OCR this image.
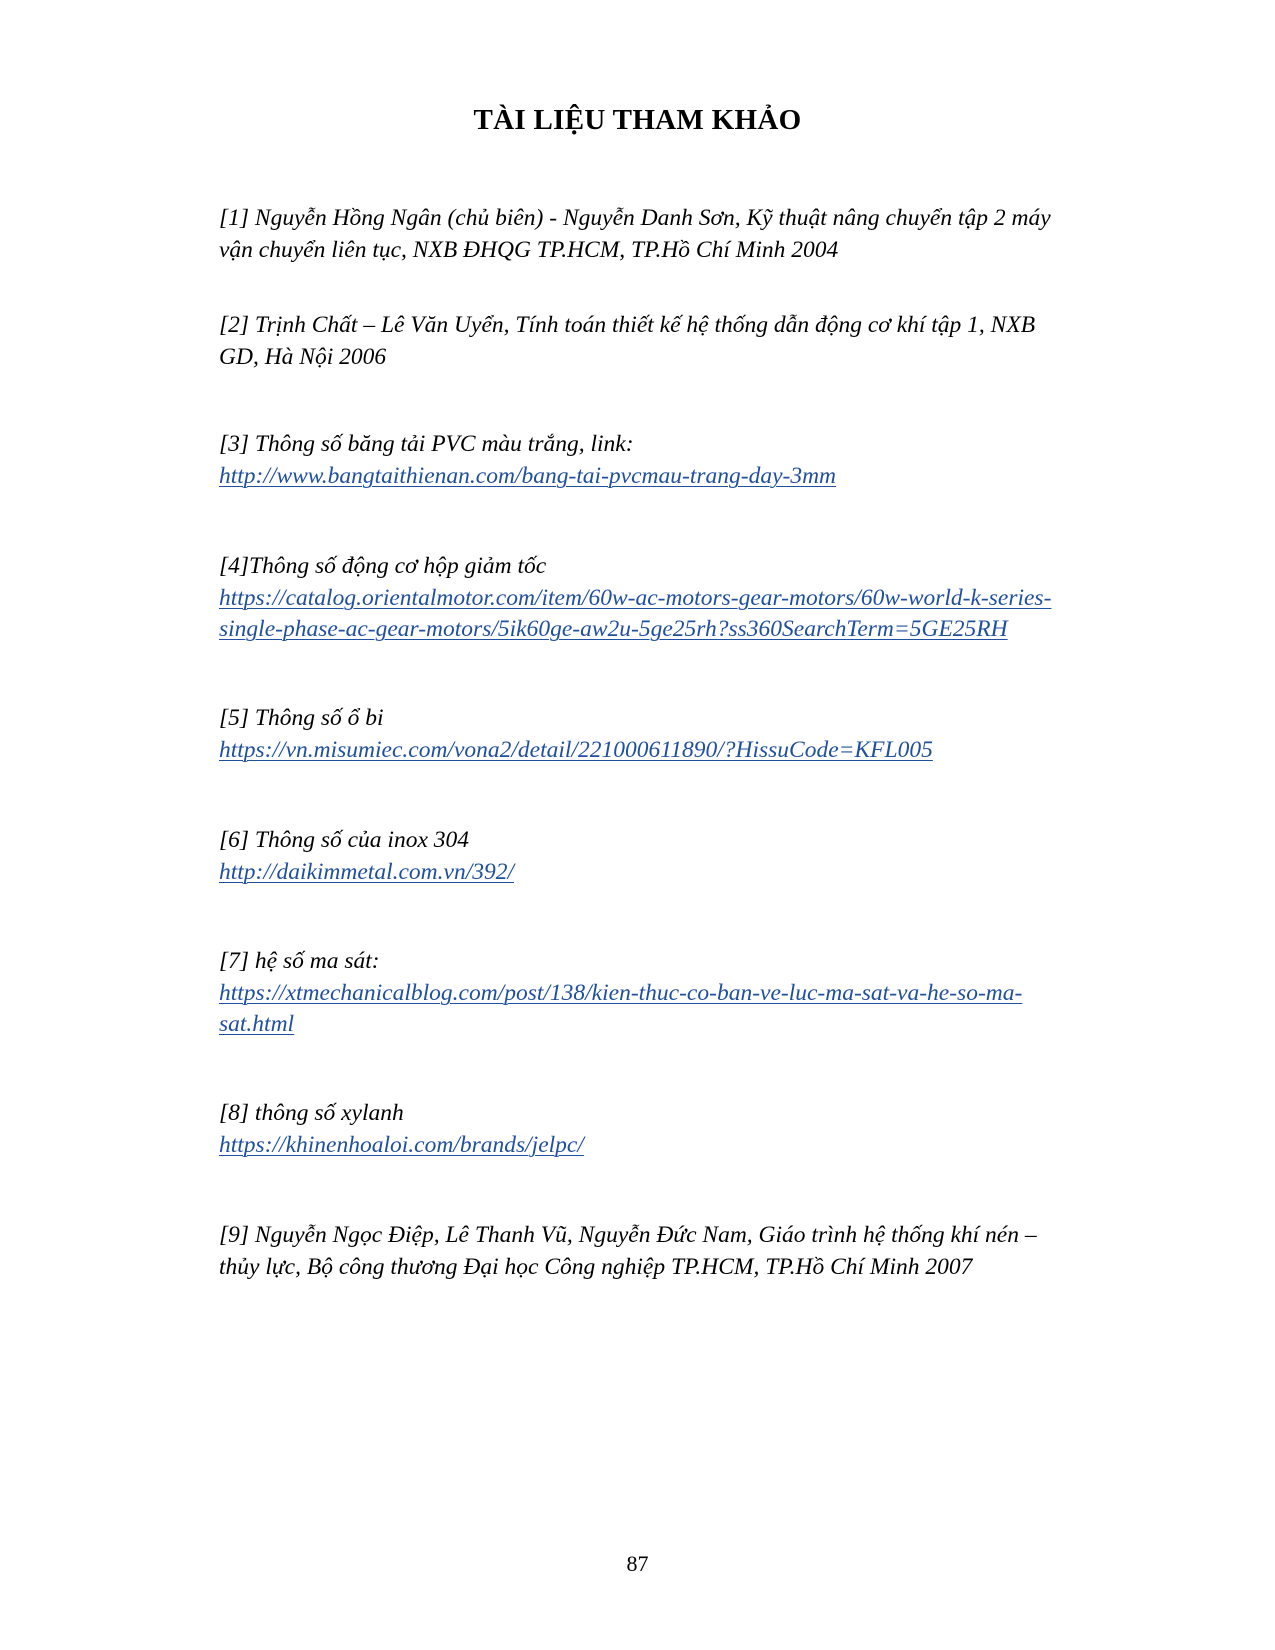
TÀI LIỆU THAM KHẢO
[1] Nguyễn Hồng Ngân (chủ biên) - Nguyễn Danh Sơn, Kỹ thuật nâng chuyển tập 2 máy
vận chuyển liên tục, NXB ĐHQG TP.HCM, TP.Hồ Chí Minh 2004
[2] Trịnh Chất – Lê Văn Uyển, Tính toán thiết kế hệ thống dẫn động cơ khí tập 1, NXB
GD, Hà Nội 2006
[3] Thông số băng tải PVC màu trắng, link:
http://www.bangtaithienan.com/bang-tai-pvcmau-trang-day-3mm
[4]Thông số động cơ hộp giảm tốc
https://catalog.orientalmotor.com/item/60w-ac-motors-gear-motors/60w-world-k-series-
single-phase-ac-gear-motors/5ik60ge-aw2u-5ge25rh?ss360SearchTerm=5GE25RH
[5] Thông số ổ bi
https://vn.misumiec.com/vona2/detail/221000611890/?HissuCode=KFL005
[6] Thông số của inox 304
http://daikimmetal.com.vn/392/
[7] hệ số ma sát:
https://xtmechanicalblog.com/post/138/kien-thuc-co-ban-ve-luc-ma-sat-va-he-so-ma-
sat.html
[8] thông số xylanh
https://khinenhoaloi.com/brands/jelpc/
[9] Nguyễn Ngọc Điệp, Lê Thanh Vũ, Nguyễn Đức Nam, Giáo trình hệ thống khí nén –
thủy lực, Bộ công thương Đại học Công nghiệp TP.HCM, TP.Hồ Chí Minh 2007
87
